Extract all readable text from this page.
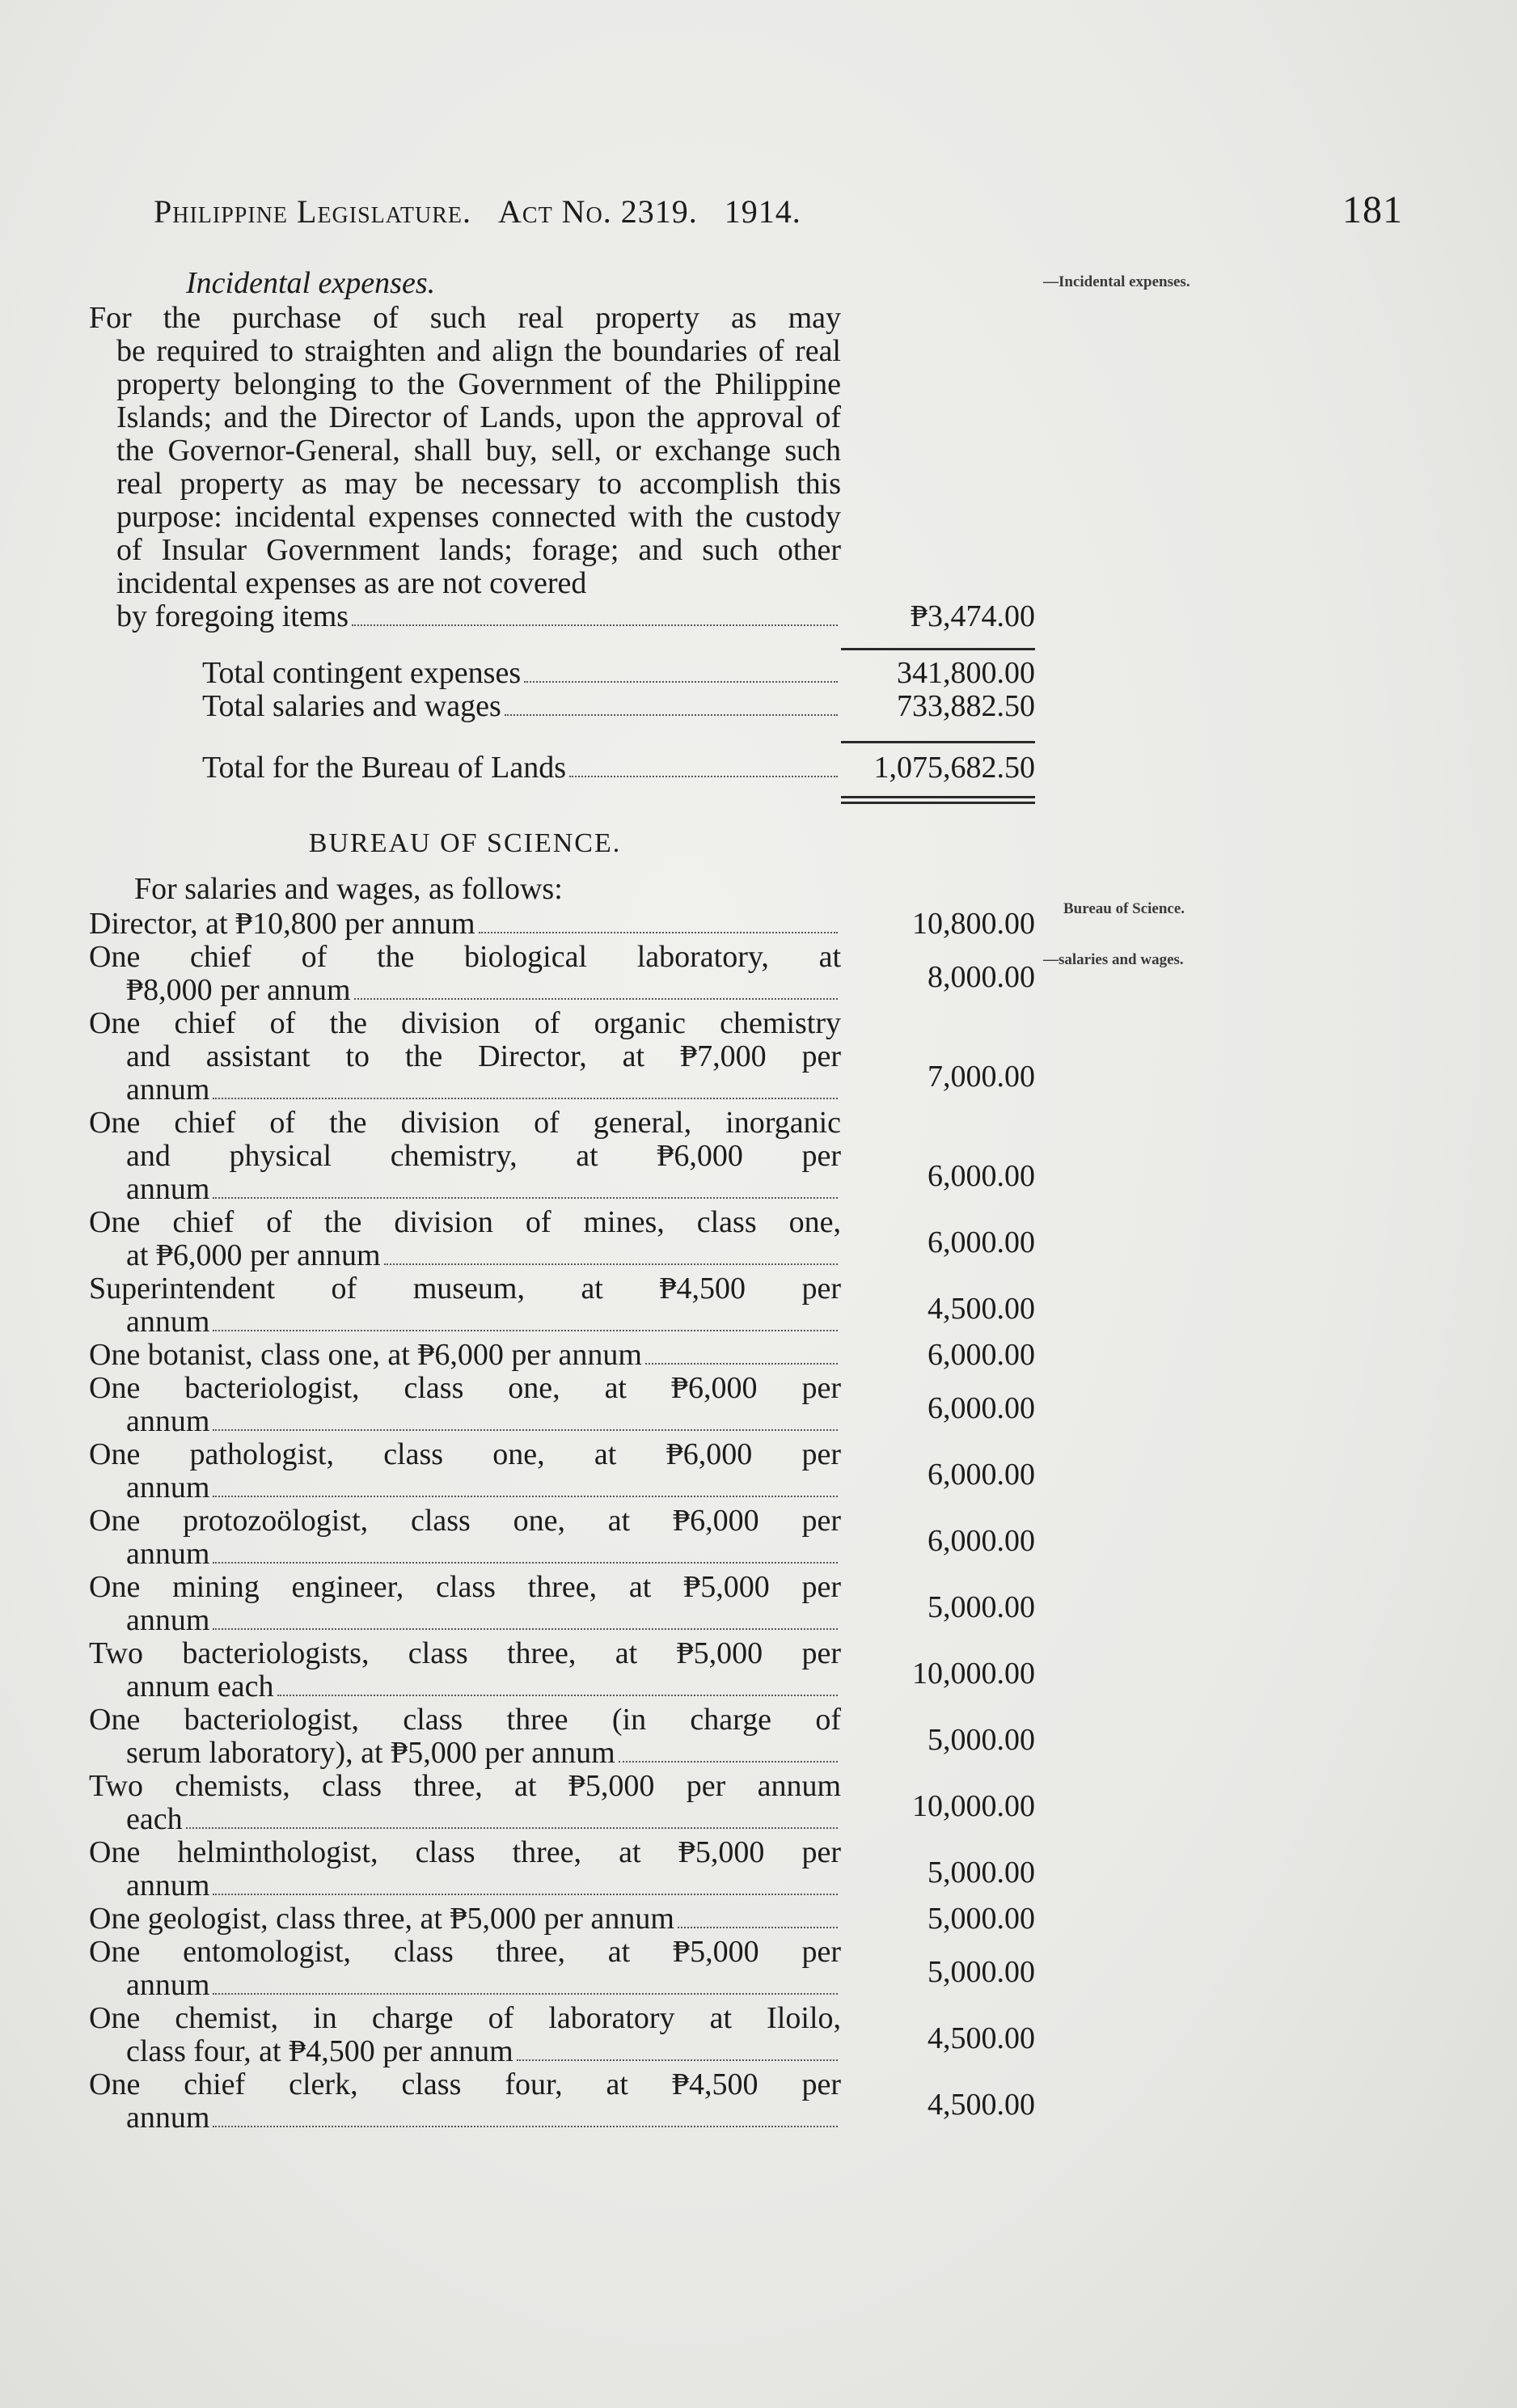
Philippine Legislature. Act No. 2319. 1914.	181
—Incidental expenses.
Bureau of Science.
—salaries and wages.
Incidental expenses.
For the purchase of such real property as may
be required to straighten and align the boundaries of real property belonging to the Government of the Philippine Islands; and the Director of Lands, upon the approval of the Governor-General, shall buy, sell, or exchange such real property as may be necessary to accomplish this purpose: incidental expenses connected with the custody of Insular Government lands; forage; and such other incidental expenses as are not covered
by foregoing items	₱3,474.00
Total contingent expenses	341,800.00
Total salaries and wages	733,882.50
Total for the Bureau of Lands	1,075,682.50
BUREAU OF SCIENCE.
For salaries and wages, as follows:
Director, at ₱10,800 per annum	10,800.00
One chief of the biological laboratory, at
₱8,000 per annum	8,000.00
One chief of the division of organic chemistry
and assistant to the Director, at ₱7,000 per
annum	7,000.00
One chief of the division of general, inorganic
and physical chemistry, at ₱6,000 per
annum	6,000.00
One chief of the division of mines, class one,
at ₱6,000 per annum	6,000.00
Superintendent of museum, at ₱4,500 per
annum	4,500.00
One botanist, class one, at ₱6,000 per annum	6,000.00
One bacteriologist, class one, at ₱6,000 per
annum	6,000.00
One pathologist, class one, at ₱6,000 per
annum	6,000.00
One protozoölogist, class one, at ₱6,000 per
annum	6,000.00
One mining engineer, class three, at ₱5,000 per
annum	5,000.00
Two bacteriologists, class three, at ₱5,000 per
annum each	10,000.00
One bacteriologist, class three (in charge of
serum laboratory), at ₱5,000 per annum	5,000.00
Two chemists, class three, at ₱5,000 per annum
each	10,000.00
One helminthologist, class three, at ₱5,000 per
annum	5,000.00
One geologist, class three, at ₱5,000 per annum	5,000.00
One entomologist, class three, at ₱5,000 per
annum	5,000.00
One chemist, in charge of laboratory at Iloilo,
class four, at ₱4,500 per annum	4,500.00
One chief clerk, class four, at ₱4,500 per
annum	4,500.00
